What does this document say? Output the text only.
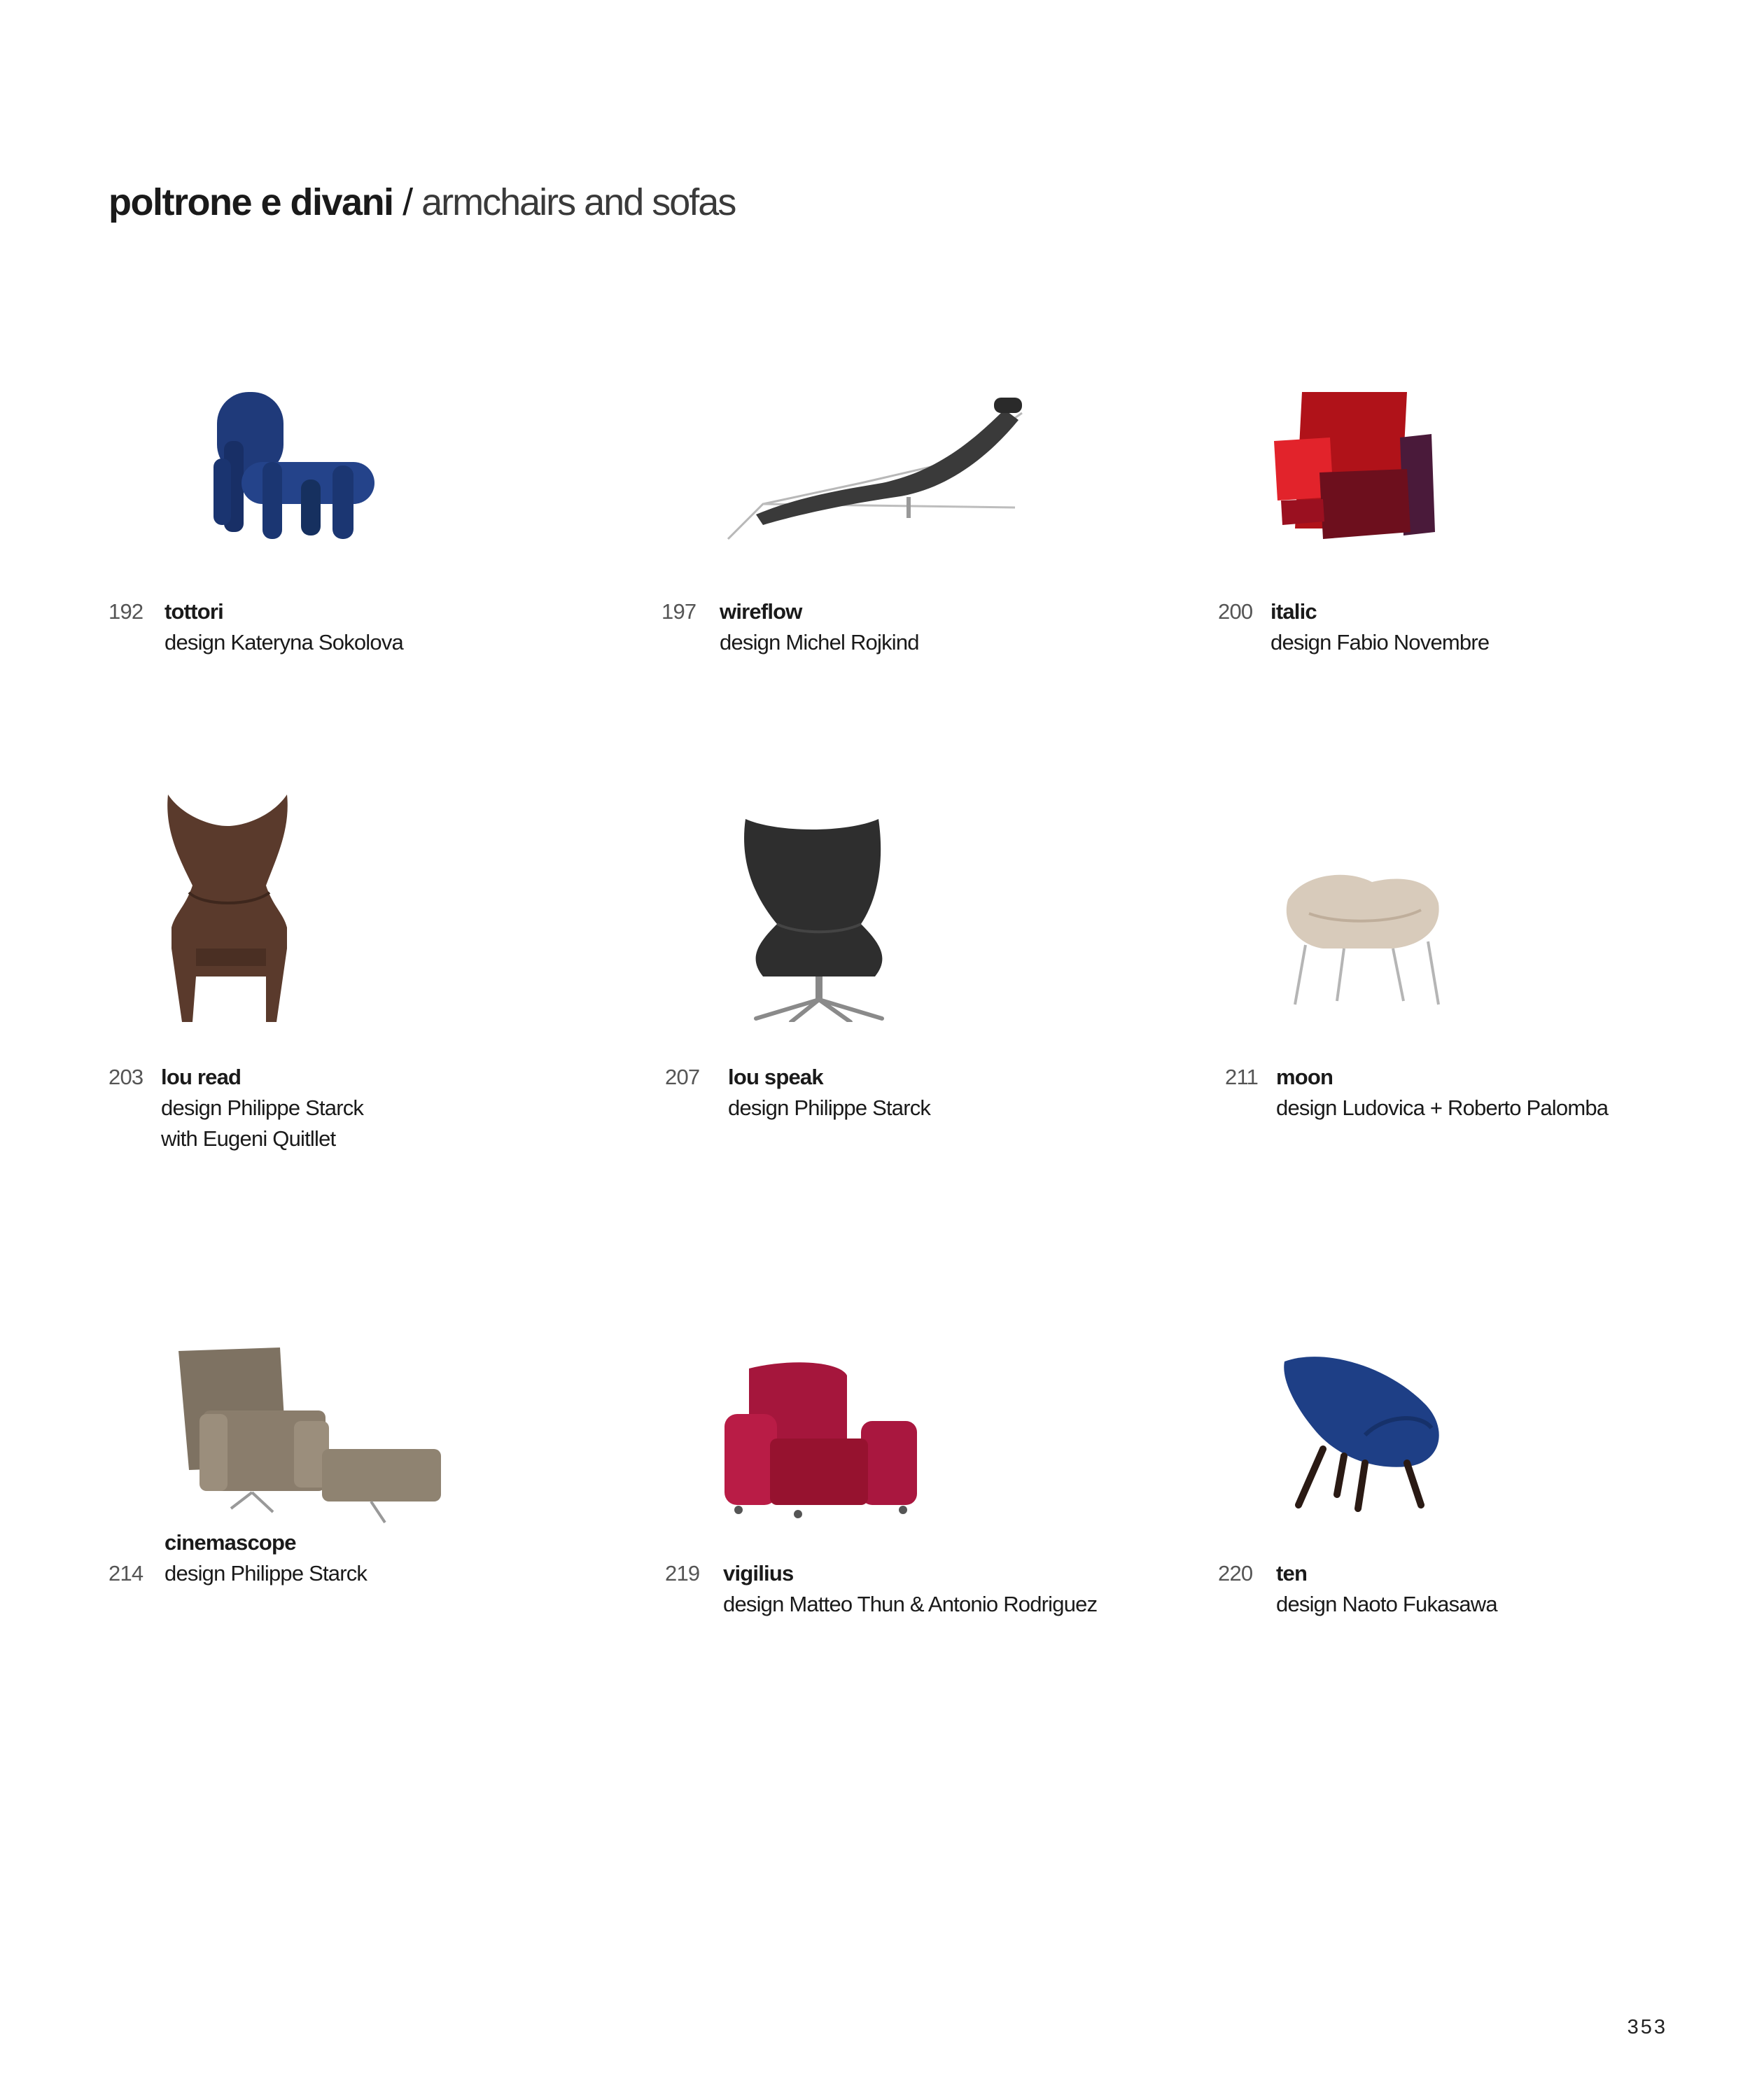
poltrone e divani / armchairs and sofas
192 tottori
design Kateryna Sokolova
197 wireflow
design Michel Rojkind
200 italic
design Fabio Novembre
203 lou read
design Philippe Starck
with Eugeni Quitllet
207 lou speak
design Philippe Starck
211 moon
design Ludovica + Roberto Palomba
cinemascope
214 design Philippe Starck	219 vigilius
design Matteo Thun & Antonio Rodriguez
220 ten
design Naoto Fukasawa
353
